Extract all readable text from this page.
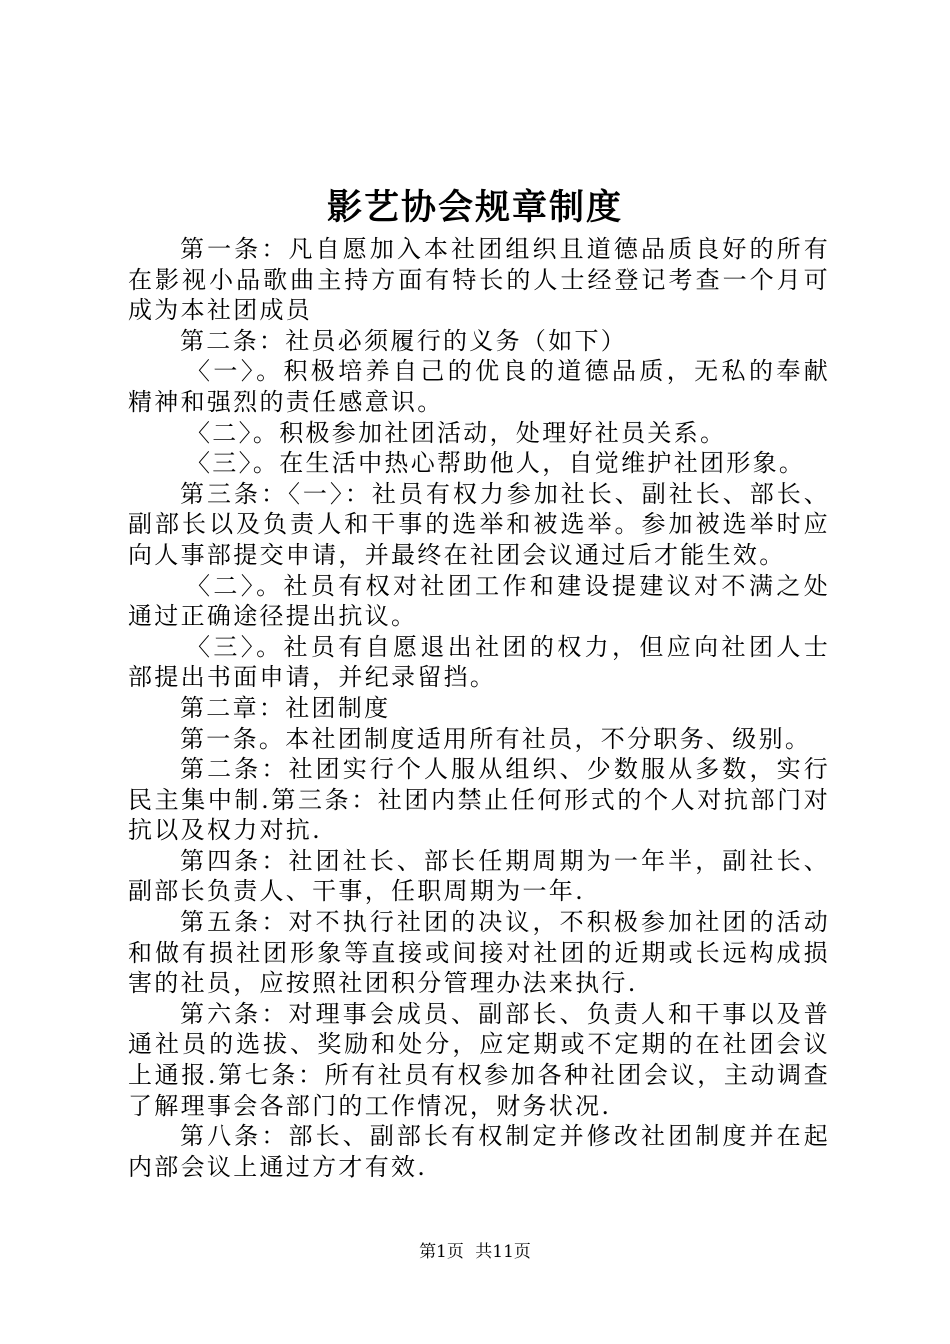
影艺协会规章制度

第一条：凡自愿加入本社团组织且道德品质良好的所有在影视小品歌曲主持方面有特长的人士经登记考查一个月可成为本社团成员

第二条：社员必须履行的义务（如下）

〈一〉。积极培养自己的优良的道德品质，无私的奉献精神和强烈的责任感意识。

〈二〉。积极参加社团活动，处理好社员关系。

〈三〉。在生活中热心帮助他人，自觉维护社团形象。

第三条：〈一〉：社员有权力参加社长、副社长、部长、副部长以及负责人和干事的选举和被选举。参加被选举时应向人事部提交申请，并最终在社团会议通过后才能生效。

〈二〉。社员有权对社团工作和建设提建议对不满之处通过正确途径提出抗议。

〈三〉。社员有自愿退出社团的权力，但应向社团人士部提出书面申请，并纪录留挡。

第二章：社团制度

第一条。本社团制度适用所有社员，不分职务、级别。

第二条：社团实行个人服从组织、少数服从多数，实行民主集中制.第三条：社团内禁止任何形式的个人对抗部门对抗以及权力对抗.

第四条：社团社长、部长任期周期为一年半，副社长、副部长负责人、干事，任职周期为一年.

第五条：对不执行社团的决议，不积极参加社团的活动和做有损社团形象等直接或间接对社团的近期或长远构成损害的社员，应按照社团积分管理办法来执行.

第六条：对理事会成员、副部长、负责人和干事以及普通社员的选拔、奖励和处分，应定期或不定期的在社团会议上通报.第七条：所有社员有权参加各种社团会议，主动调查了解理事会各部门的工作情况，财务状况.

第八条：部长、副部长有权制定并修改社团制度并在起内部会议上通过方才有效.

第1页 共11页
